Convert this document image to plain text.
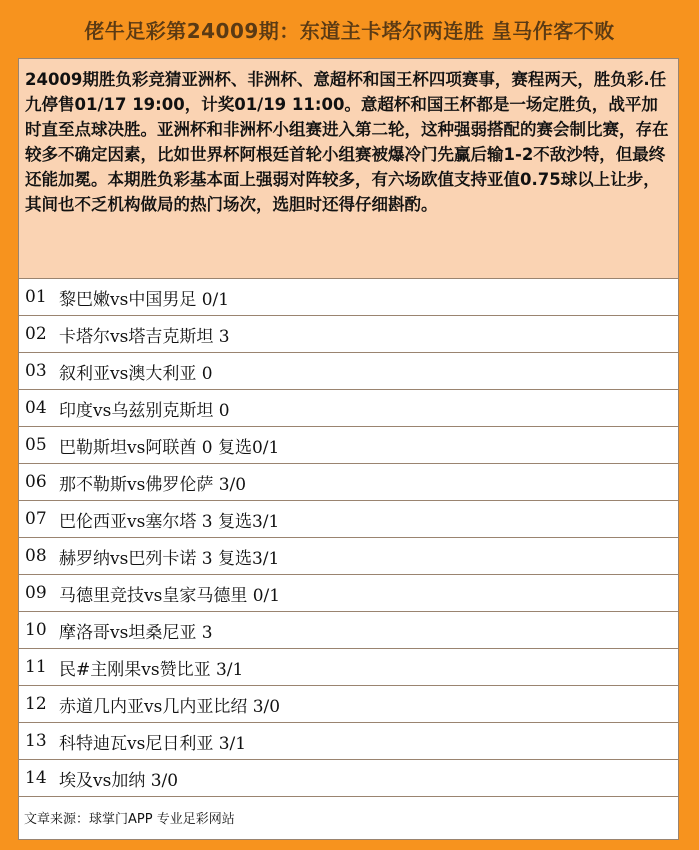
佬牛足彩第24009期：东道主卡塔尔两连胜 皇马作客不败

24009期胜负彩竞猜亚洲杯、非洲杯、意超杯和国王杯四项赛事，赛程两天，胜负彩.任九停售01/17 19:00，计奖01/19 11:00。意超杯和国王杯都是一场定胜负，战平加时直至点球决胜。亚洲杯和非洲杯小组赛进入第二轮，这种强弱搭配的赛会制比赛，存在较多不确定因素，比如世界杯阿根廷首轮小组赛被爆冷门先赢后输1-2不敌沙特，但最终还能加冕。本期胜负彩基本面上强弱对阵较多，有六场欧值支持亚值0.75球以上让步，其间也不乏机构做局的热门场次，选胆时还得仔细斟酌。

01 黎巴嫩vs中国男足 0/1
02 卡塔尔vs塔吉克斯坦 3
03 叙利亚vs澳大利亚 0
04 印度vs乌兹别克斯坦 0
05 巴勒斯坦vs阿联酋 0 复选0/1
06 那不勒斯vs佛罗伦萨 3/0
07 巴伦西亚vs塞尔塔 3 复选3/1
08 赫罗纳vs巴列卡诺 3 复选3/1
09 马德里竞技vs皇家马德里 0/1
10 摩洛哥vs坦桑尼亚 3
11 民#主刚果vs赞比亚 3/1
12 赤道几内亚vs几内亚比绍 3/0
13 科特迪瓦vs尼日利亚 3/1
14 埃及vs加纳 3/0
文章来源：球掌门APP 专业足彩网站
